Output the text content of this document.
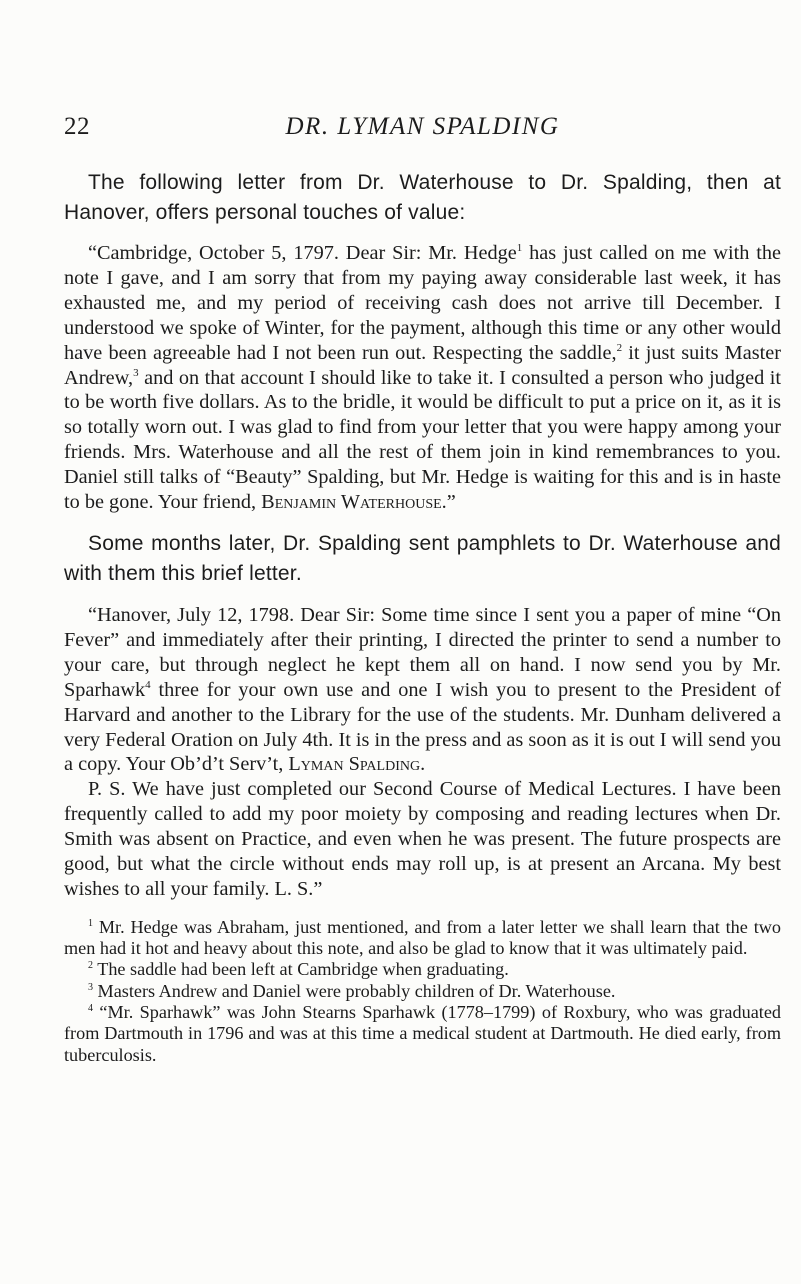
22	DR. LYMAN SPALDING

The following letter from Dr. Waterhouse to Dr. Spalding, then at Hanover, offers personal touches of value:

“Cambridge, October 5, 1797. Dear Sir: Mr. Hedge$^1$ has just called on me with the note I gave, and I am sorry that from my paying away considerable last week, it has exhausted me, and my period of receiving cash does not arrive till December. I understood we spoke of Winter, for the payment, although this time or any other would have been agreeable had I not been run out. Respecting the saddle,$^2$ it just suits Master Andrew,$^3$ and on that account I should like to take it. I consulted a person who judged it to be worth five dollars. As to the bridle, it would be difficult to put a price on it, as it is so totally worn out. I was glad to find from your letter that you were happy among your friends. Mrs. Waterhouse and all the rest of them join in kind remembrances to you. Daniel still talks of “Beauty” Spalding, but Mr. Hedge is waiting for this and is in haste to be gone. Your friend, Benjamin Waterhouse.”

Some months later, Dr. Spalding sent pamphlets to Dr. Waterhouse and with them this brief letter.

“Hanover, July 12, 1798. Dear Sir: Some time since I sent you a paper of mine “On Fever” and immediately after their printing, I directed the printer to send a number to your care, but through neglect he kept them all on hand. I now send you by Mr. Sparhawk$^4$ three for your own use and one I wish you to present to the President of Harvard and another to the Library for the use of the students. Mr. Dunham delivered a very Federal Oration on July 4th. It is in the press and as soon as it is out I will send you a copy. Your Ob’d’t Serv’t, Lyman Spalding.

P. S. We have just completed our Second Course of Medical Lectures. I have been frequently called to add my poor moiety by composing and reading lectures when Dr. Smith was absent on Practice, and even when he was present. The future prospects are good, but what the circle without ends may roll up, is at present an Arcana. My best wishes to all your family. L. S.”

$^1$ Mr. Hedge was Abraham, just mentioned, and from a later letter we shall learn that the two men had it hot and heavy about this note, and also be glad to know that it was ultimately paid.

$^2$ The saddle had been left at Cambridge when graduating.

$^3$ Masters Andrew and Daniel were probably children of Dr. Waterhouse.

$^4$ “Mr. Sparhawk” was John Stearns Sparhawk (1778–1799) of Roxbury, who was graduated from Dartmouth in 1796 and was at this time a medical student at Dartmouth. He died early, from tuberculosis.
